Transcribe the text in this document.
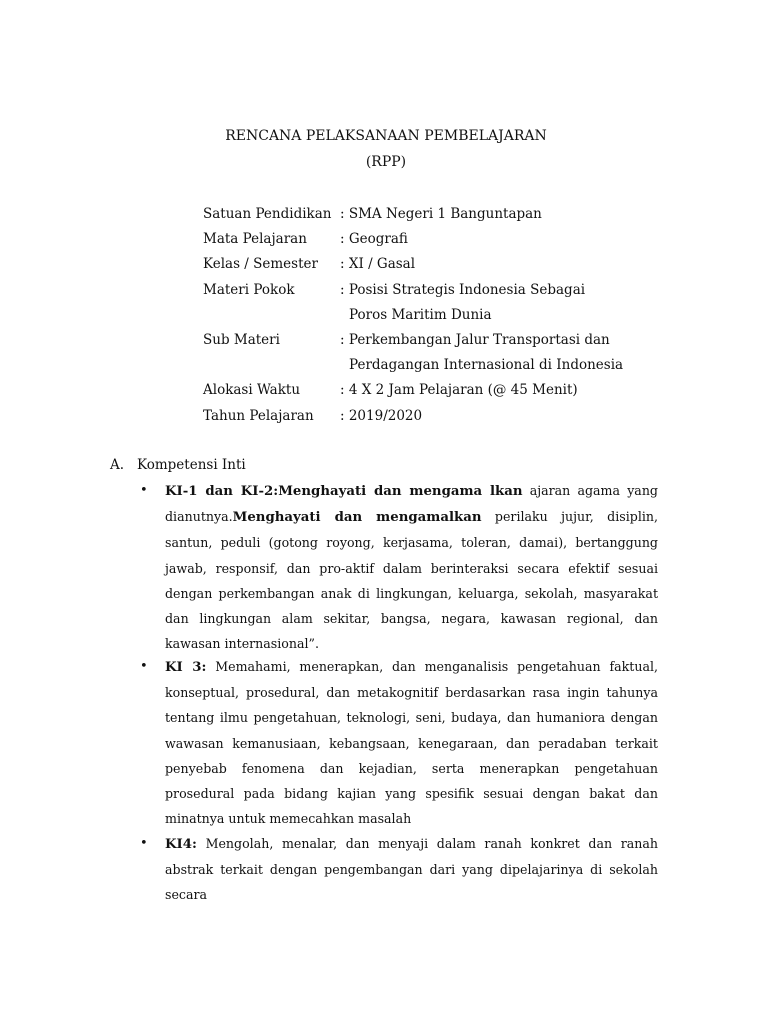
RENCANA PELAKSANAAN PEMBELAJARAN
(RPP)
Satuan Pendidikan : SMA Negeri 1 Banguntapan
Mata Pelajaran	: Geografi
Kelas / Semester	: XI / Gasal
Materi Pokok	: Posisi Strategis Indonesia Sebagai
Poros Maritim Dunia
Sub Materi	: Perkembangan Jalur Transportasi dan
Perdagangan Internasional di Indonesia
Alokasi Waktu	: 4 X 2 Jam Pelajaran (@ 45 Menit)
Tahun Pelajaran	: 2019/2020
A. Kompetensi Inti
• KI-1 dan KI-2:Menghayati dan mengama lkan ajaran agama yang dianutnya.Menghayati dan mengamalkan perilaku jujur, disiplin, santun, peduli (gotong royong, kerjasama, toleran, damai), bertanggung jawab, responsif, dan pro-aktif dalam berinteraksi secara efektif sesuai dengan perkembangan anak di lingkungan, keluarga, sekolah, masyarakat dan lingkungan alam sekitar, bangsa, negara, kawasan regional, dan kawasan internasional”.
• KI 3: Memahami, menerapkan, dan menganalisis pengetahuan faktual, konseptual, prosedural, dan metakognitif berdasarkan rasa ingin tahunya tentang ilmu pengetahuan, teknologi, seni, budaya, dan humaniora dengan wawasan kemanusiaan, kebangsaan, kenegaraan, dan peradaban terkait penyebab fenomena dan kejadian, serta menerapkan pengetahuan prosedural pada bidang kajian yang spesifik sesuai dengan bakat dan minatnya untuk memecahkan masalah
• KI4: Mengolah, menalar, dan menyaji dalam ranah konkret dan ranah abstrak terkait dengan pengembangan dari yang dipelajarinya di sekolah secara
